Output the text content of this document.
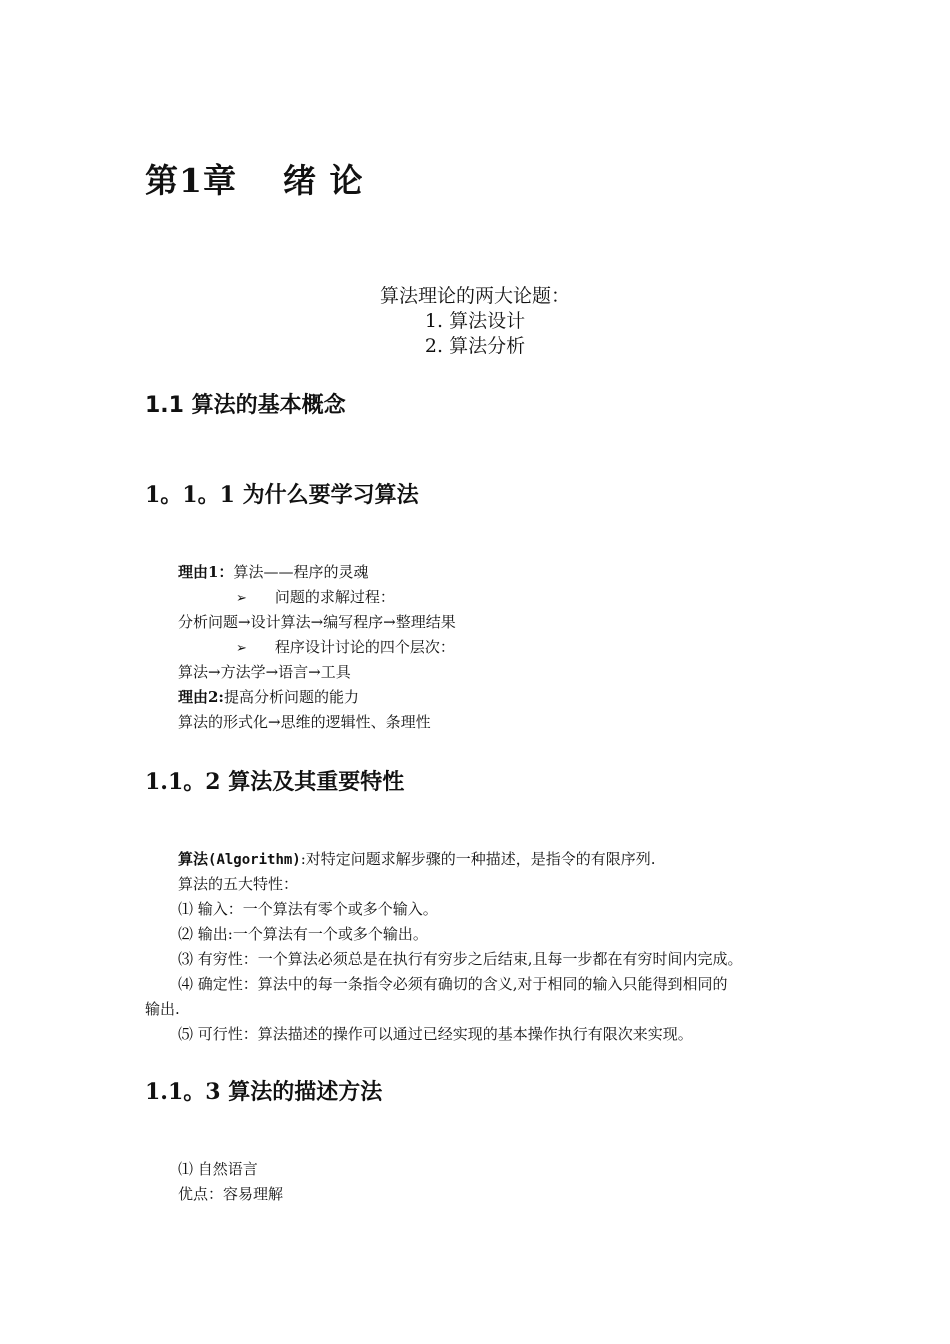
第1章 绪 论
算法理论的两大论题：
1. 算法设计
2. 算法分析
1.1 算法的基本概念
1。1。1 为什么要学习算法
理由1：算法——程序的灵魂
➢ 问题的求解过程：
分析问题→设计算法→编写程序→整理结果
➢ 程序设计讨论的四个层次：
算法→方法学→语言→工具
理由2:提高分析问题的能力
算法的形式化→思维的逻辑性、条理性
1.1。2 算法及其重要特性
算法(Algorithm):对特定问题求解步骤的一种描述，是指令的有限序列.
算法的五大特性：
⑴ 输入：一个算法有零个或多个输入。
⑵ 输出:一个算法有一个或多个输出。
⑶ 有穷性：一个算法必须总是在执行有穷步之后结束,且每一步都在有穷时间内完成。
⑷ 确定性：算法中的每一条指令必须有确切的含义,对于相同的输入只能得到相同的
输出.
⑸ 可行性：算法描述的操作可以通过已经实现的基本操作执行有限次来实现。
1.1。3 算法的描述方法
⑴ 自然语言
优点：容易理解
